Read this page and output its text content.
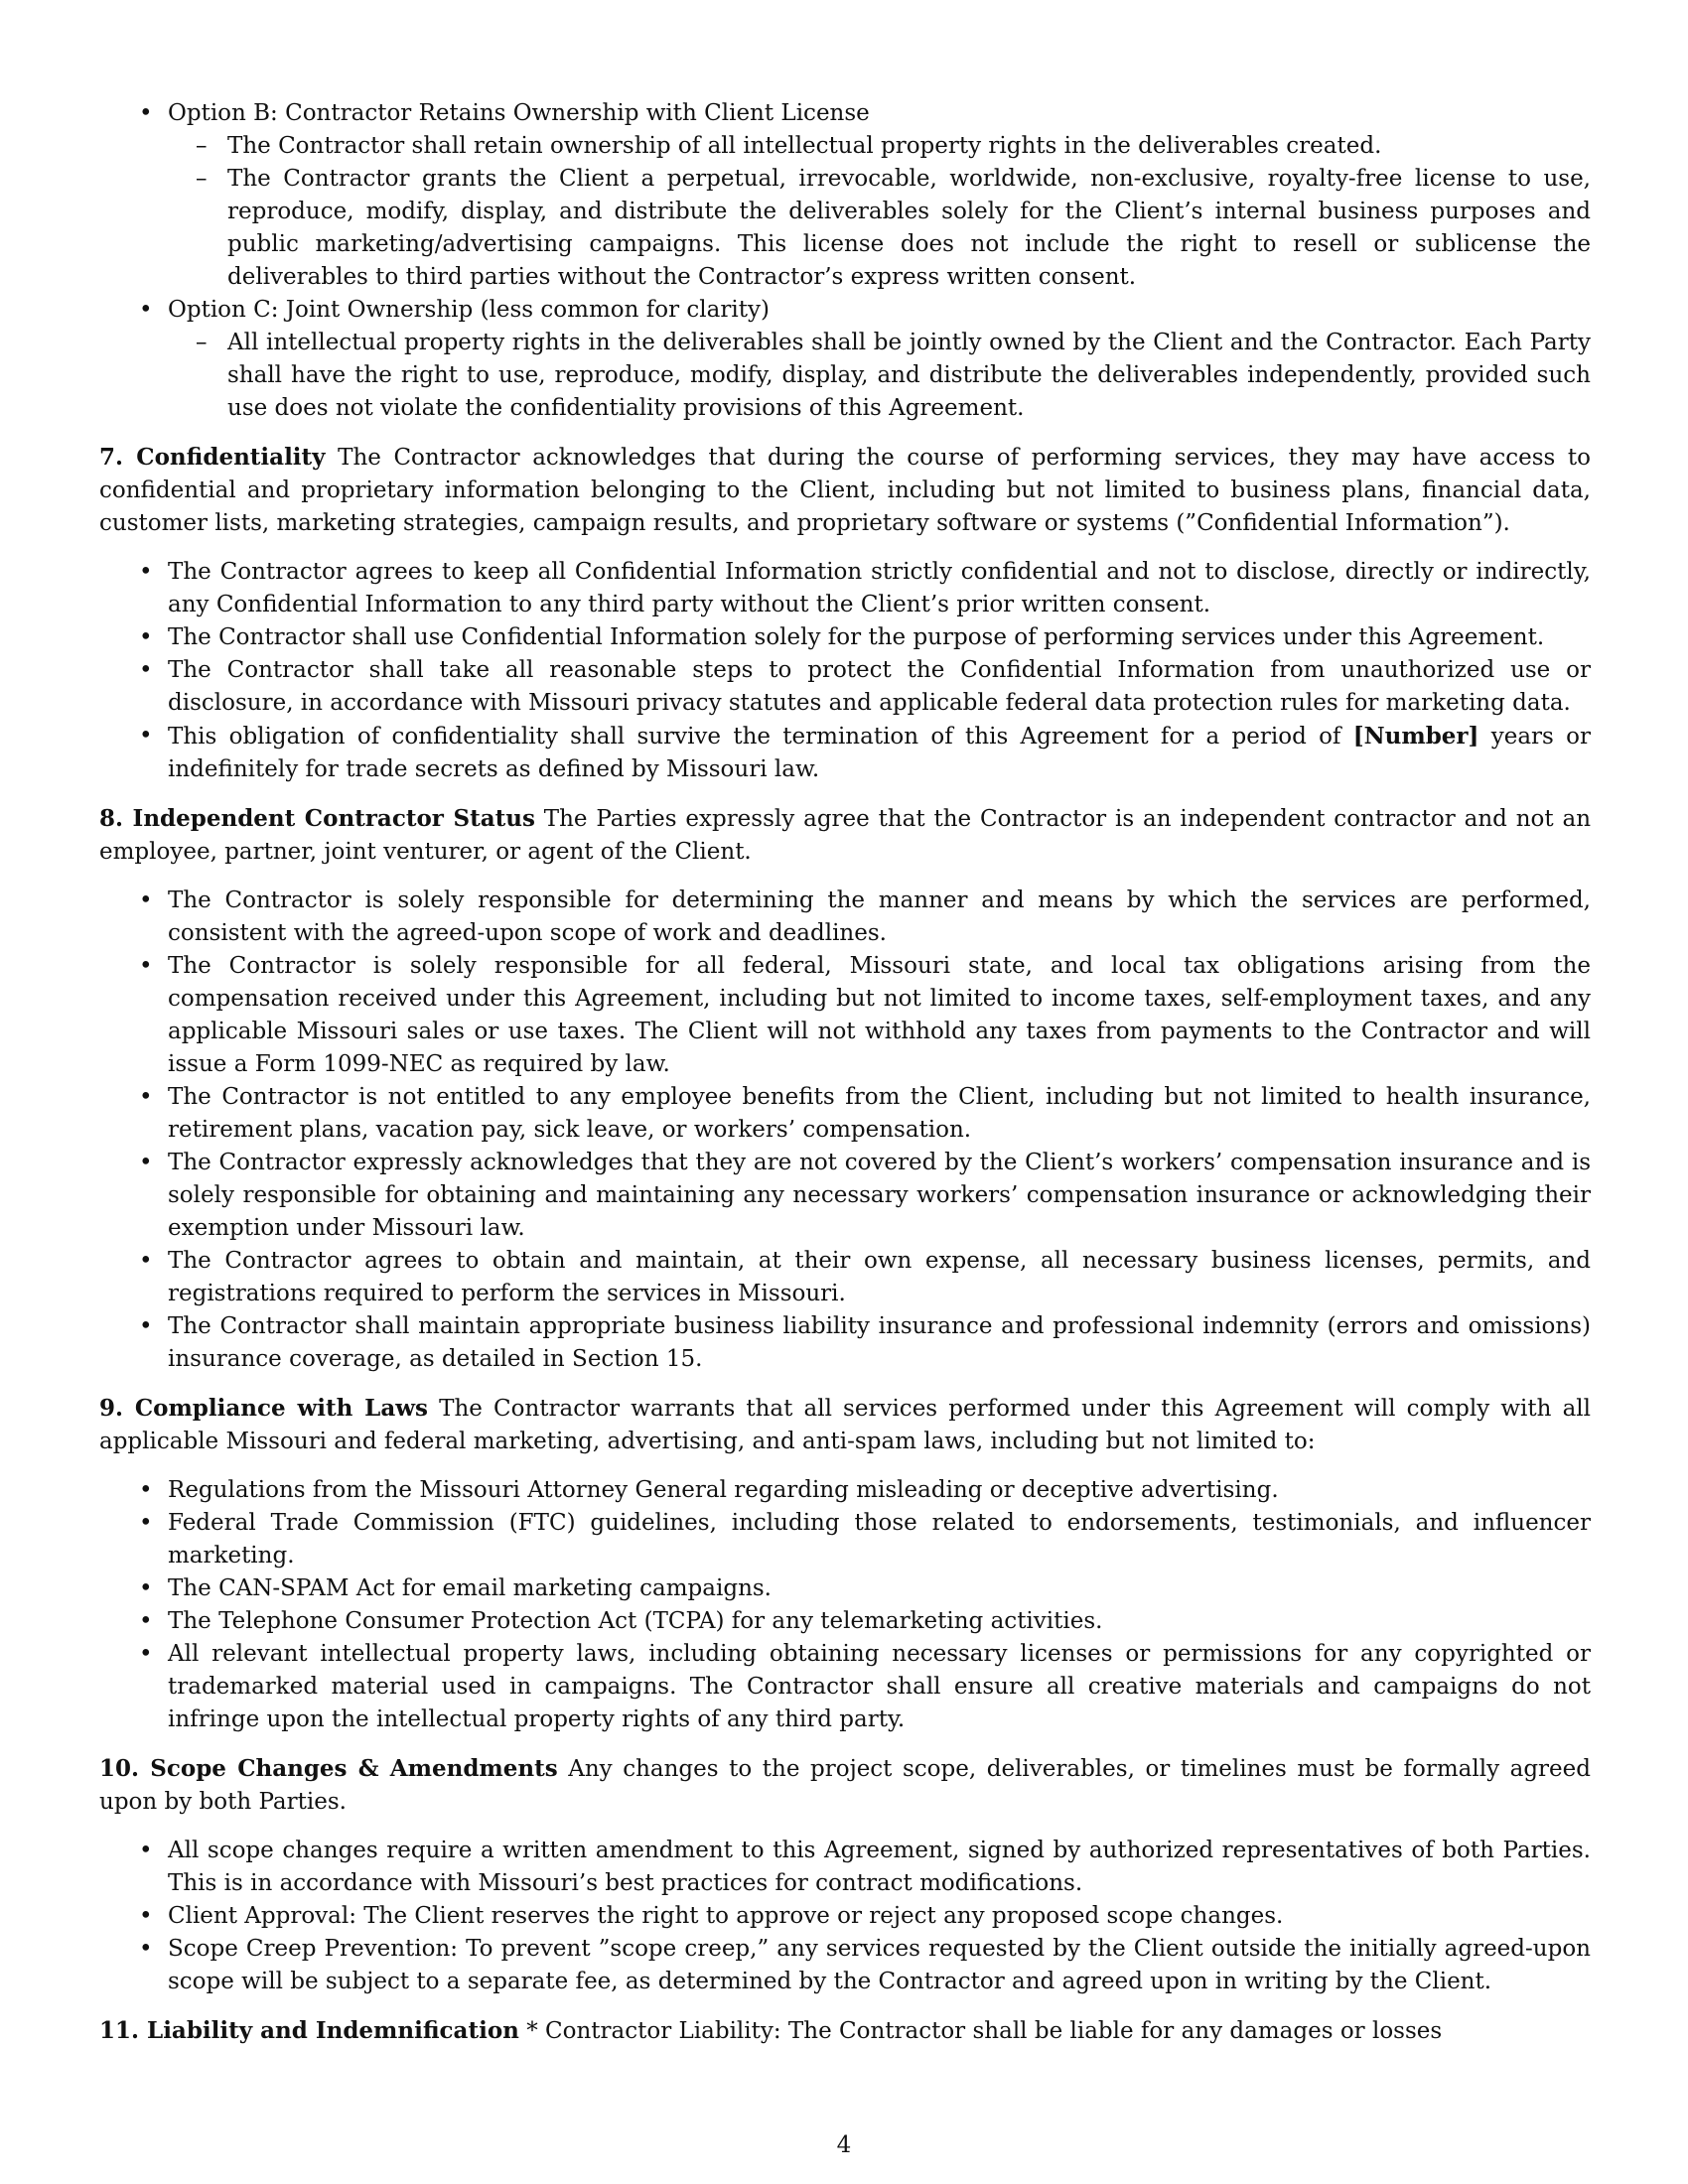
• Option B: Contractor Retains Ownership with Client License
– The Contractor shall retain ownership of all intellectual property rights in the deliverables created.
– The Contractor grants the Client a perpetual, irrevocable, worldwide, non-exclusive, royalty-free license to use, reproduce, modify, display, and distribute the deliverables solely for the Client’s internal business purposes and public marketing/advertising campaigns. This license does not include the right to resell or sublicense the deliverables to third parties without the Contractor’s express written consent.
• Option C: Joint Ownership (less common for clarity)
– All intellectual property rights in the deliverables shall be jointly owned by the Client and the Contractor. Each Party shall have the right to use, reproduce, modify, display, and distribute the deliverables independently, provided such use does not violate the confidentiality provisions of this Agreement.

7. Confidentiality The Contractor acknowledges that during the course of performing services, they may have access to confidential and proprietary information belonging to the Client, including but not limited to business plans, financial data, customer lists, marketing strategies, campaign results, and proprietary software or systems (”Confidential Information”).

• The Contractor agrees to keep all Confidential Information strictly confidential and not to disclose, directly or indirectly, any Confidential Information to any third party without the Client’s prior written consent.
• The Contractor shall use Confidential Information solely for the purpose of performing services under this Agreement.
• The Contractor shall take all reasonable steps to protect the Confidential Information from unauthorized use or disclosure, in accordance with Missouri privacy statutes and applicable federal data protection rules for marketing data.
• This obligation of confidentiality shall survive the termination of this Agreement for a period of [Number] years or indefinitely for trade secrets as defined by Missouri law.

8. Independent Contractor Status The Parties expressly agree that the Contractor is an independent contractor and not an employee, partner, joint venturer, or agent of the Client.

• The Contractor is solely responsible for determining the manner and means by which the services are performed, consistent with the agreed-upon scope of work and deadlines.
• The Contractor is solely responsible for all federal, Missouri state, and local tax obligations arising from the compensation received under this Agreement, including but not limited to income taxes, self-employment taxes, and any applicable Missouri sales or use taxes. The Client will not withhold any taxes from payments to the Contractor and will issue a Form 1099-NEC as required by law.
• The Contractor is not entitled to any employee benefits from the Client, including but not limited to health insurance, retirement plans, vacation pay, sick leave, or workers’ compensation.
• The Contractor expressly acknowledges that they are not covered by the Client’s workers’ compensation insurance and is solely responsible for obtaining and maintaining any necessary workers’ compensation insurance or acknowledging their exemption under Missouri law.
• The Contractor agrees to obtain and maintain, at their own expense, all necessary business licenses, permits, and registrations required to perform the services in Missouri.
• The Contractor shall maintain appropriate business liability insurance and professional indemnity (errors and omissions) insurance coverage, as detailed in Section 15.

9. Compliance with Laws The Contractor warrants that all services performed under this Agreement will comply with all applicable Missouri and federal marketing, advertising, and anti-spam laws, including but not limited to:

• Regulations from the Missouri Attorney General regarding misleading or deceptive advertising.
• Federal Trade Commission (FTC) guidelines, including those related to endorsements, testimonials, and influencer marketing.
• The CAN-SPAM Act for email marketing campaigns.
• The Telephone Consumer Protection Act (TCPA) for any telemarketing activities.
• All relevant intellectual property laws, including obtaining necessary licenses or permissions for any copyrighted or trademarked material used in campaigns. The Contractor shall ensure all creative materials and campaigns do not infringe upon the intellectual property rights of any third party.

10. Scope Changes & Amendments Any changes to the project scope, deliverables, or timelines must be formally agreed upon by both Parties.

• All scope changes require a written amendment to this Agreement, signed by authorized representatives of both Parties. This is in accordance with Missouri’s best practices for contract modifications.
• Client Approval: The Client reserves the right to approve or reject any proposed scope changes.
• Scope Creep Prevention: To prevent ”scope creep,” any services requested by the Client outside the initially agreed-upon scope will be subject to a separate fee, as determined by the Contractor and agreed upon in writing by the Client.

11. Liability and Indemnification * Contractor Liability: The Contractor shall be liable for any damages or losses

4
